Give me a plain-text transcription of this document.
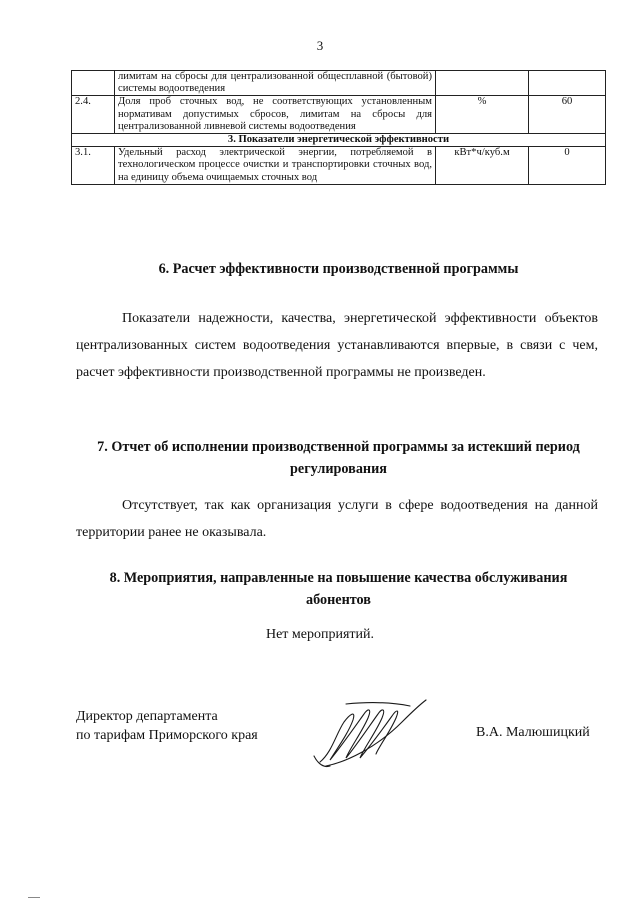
3
	лимитам на сбросы для централизованной общесплавной (бытовой) системы водоотведения		
2.4.	Доля проб сточных вод, не соответствующих установленным нормативам допустимых сбросов, лимитам на сбросы для централизованной ливневой системы водоотведения	%	60
3. Показатели энергетической эффективности			
3.1.	Удельный расход электрической энергии, потребляемой в технологическом процессе очистки и транспортировки сточных вод, на единицу объема очищаемых сточных вод	кВт*ч/куб.м	0
6. Расчет эффективности производственной программы
Показатели надежности, качества, энергетической эффективности объектов централизованных систем водоотведения устанавливаются впервые, в связи с чем, расчет эффективности производственной программы не произведен.
7. Отчет об исполнении производственной программы за истекший период
регулирования
Отсутствует, так как организация услуги в сфере водоотведения на данной территории ранее не оказывала.
8. Мероприятия, направленные на повышение качества обслуживания
абонентов
Нет мероприятий.
Директор департамента
по тарифам Приморского края	В.А. Малюшицкий
